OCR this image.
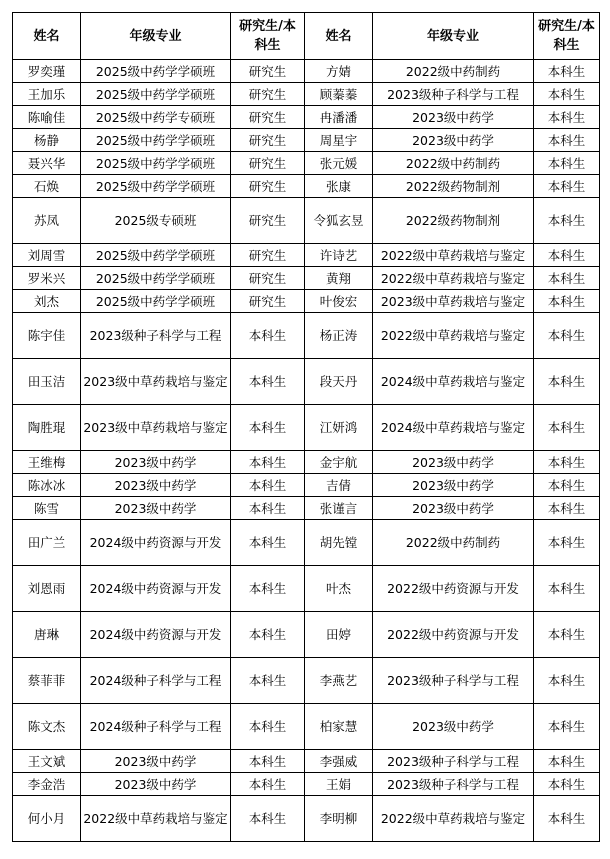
姓名	年级专业	研究生/本科生	姓名	年级专业	研究生/本科生
罗奕瑾	2025级中药学学硕班	研究生	方婧	2022级中药制药	本科生
王加乐	2025级中药学学硕班	研究生	顾蓁蓁	2023级种子科学与工程	本科生
陈喻佳	2025级中药学专硕班	研究生	冉潘潘	2023级中药学	本科生
杨静	2025级中药学学硕班	研究生	周星宇	2023级中药学	本科生
聂兴华	2025级中药学学硕班	研究生	张元媛	2022级中药制药	本科生
石焕	2025级中药学学硕班	研究生	张康	2022级药物制剂	本科生
苏凤	2025级专硕班	研究生	令狐玄昱	2022级药物制剂	本科生
刘周雪	2025级中药学学硕班	研究生	许诗艺	2022级中草药栽培与鉴定	本科生
罗米兴	2025级中药学学硕班	研究生	黄翔	2022级中草药栽培与鉴定	本科生
刘杰	2025级中药学学硕班	研究生	叶俊宏	2023级中草药栽培与鉴定	本科生
陈宇佳	2023级种子科学与工程	本科生	杨正涛	2022级中草药栽培与鉴定	本科生
田玉洁	2023级中草药栽培与鉴定	本科生	段天丹	2024级中草药栽培与鉴定	本科生
陶胜琨	2023级中草药栽培与鉴定	本科生	江妍鸿	2024级中草药栽培与鉴定	本科生
王维梅	2023级中药学	本科生	金宇航	2023级中药学	本科生
陈冰冰	2023级中药学	本科生	吉倩	2023级中药学	本科生
陈雪	2023级中药学	本科生	张谨言	2023级中药学	本科生
田广兰	2024级中药资源与开发	本科生	胡先镗	2022级中药制药	本科生
刘恩雨	2024级中药资源与开发	本科生	叶杰	2022级中药资源与开发	本科生
唐琳	2024级中药资源与开发	本科生	田婷	2022级中药资源与开发	本科生
蔡菲菲	2024级种子科学与工程	本科生	李燕艺	2023级种子科学与工程	本科生
陈文杰	2024级种子科学与工程	本科生	柏家慧	2023级中药学	本科生
王文斌	2023级中药学	本科生	李强威	2023级种子科学与工程	本科生
李金浩	2023级中药学	本科生	王娟	2023级种子科学与工程	本科生
何小月	2022级中草药栽培与鉴定	本科生	李明柳	2022级中草药栽培与鉴定	本科生
